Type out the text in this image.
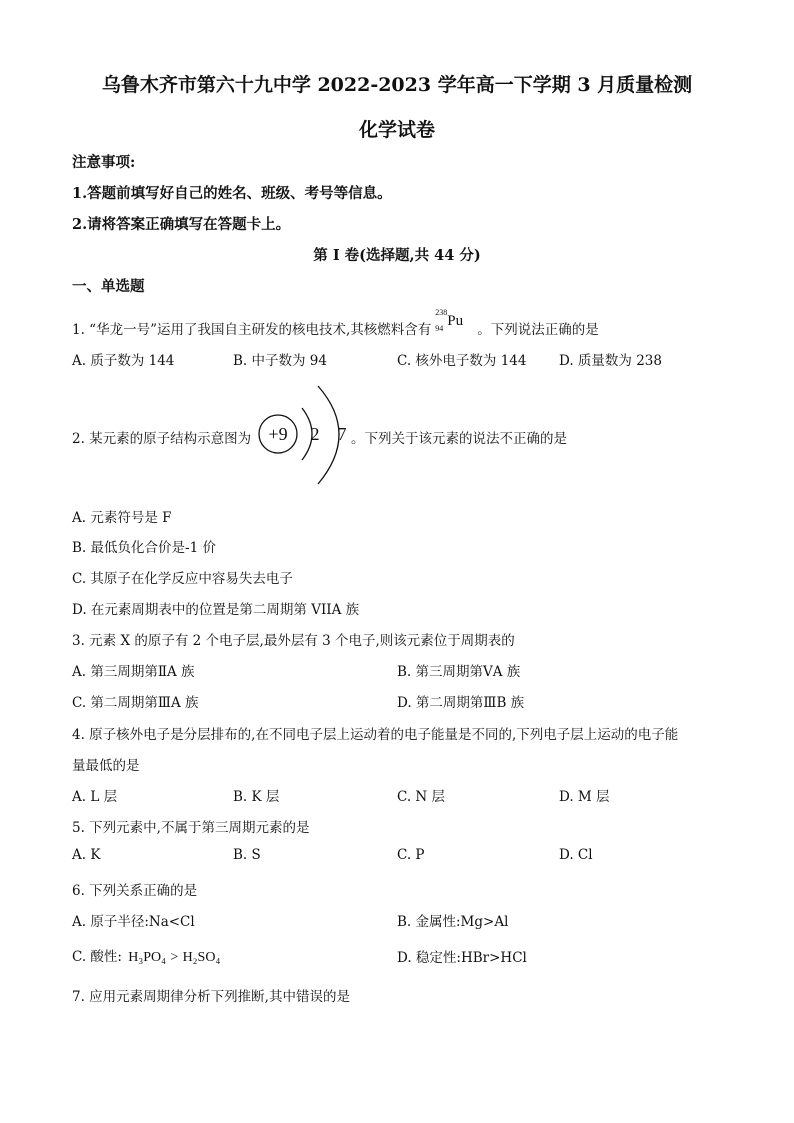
乌鲁木齐市第六十九中学 2022-2023 学年高一下学期 3 月质量检测
化学试卷
注意事项:
1.答题前填写好自己的姓名、班级、考号等信息。
2.请将答案正确填写在答题卡上。
第 I 卷(选择题,共 44 分)
一、单选题
1. “华龙一号”运用了我国自主研发的核电技术,其核燃料含有
238
94 Pu
。下列说法正确的是
A. 质子数为 144	B. 中子数为 94	C. 核外电子数为 144 D. 质量数为 238
2. 某元素的原子结构示意图为 +9 2 7 。下列关于该元素的说法不正确的是
A. 元素符号是 F
B. 最低负化合价是-1 价
C. 其原子在化学反应中容易失去电子
D. 在元素周期表中的位置是第二周期第 VIIA 族
3. 元素 X 的原子有 2 个电子层,最外层有 3 个电子,则该元素位于周期表的
A. 第三周期第ⅡA 族	B. 第三周期第ⅤA 族
C. 第二周期第ⅢA 族	D. 第二周期第ⅢB 族
4. 原子核外电子是分层排布的,在不同电子层上运动着的电子能量是不同的,下列电子层上运动的电子能
量最低的是
A. L 层	B. K 层	C. N 层	D. M 层
5. 下列元素中,不属于第三周期元素的是
A. K	B. S	C. P	D. Cl
6. 下列关系正确的是
A. 原子半径:Na<Cl	B. 金属性:Mg>Al
C. 酸性: H₃PO₄ > H₂SO₄	D. 稳定性:HBr>HCl
7. 应用元素周期律分析下列推断,其中错误的是
